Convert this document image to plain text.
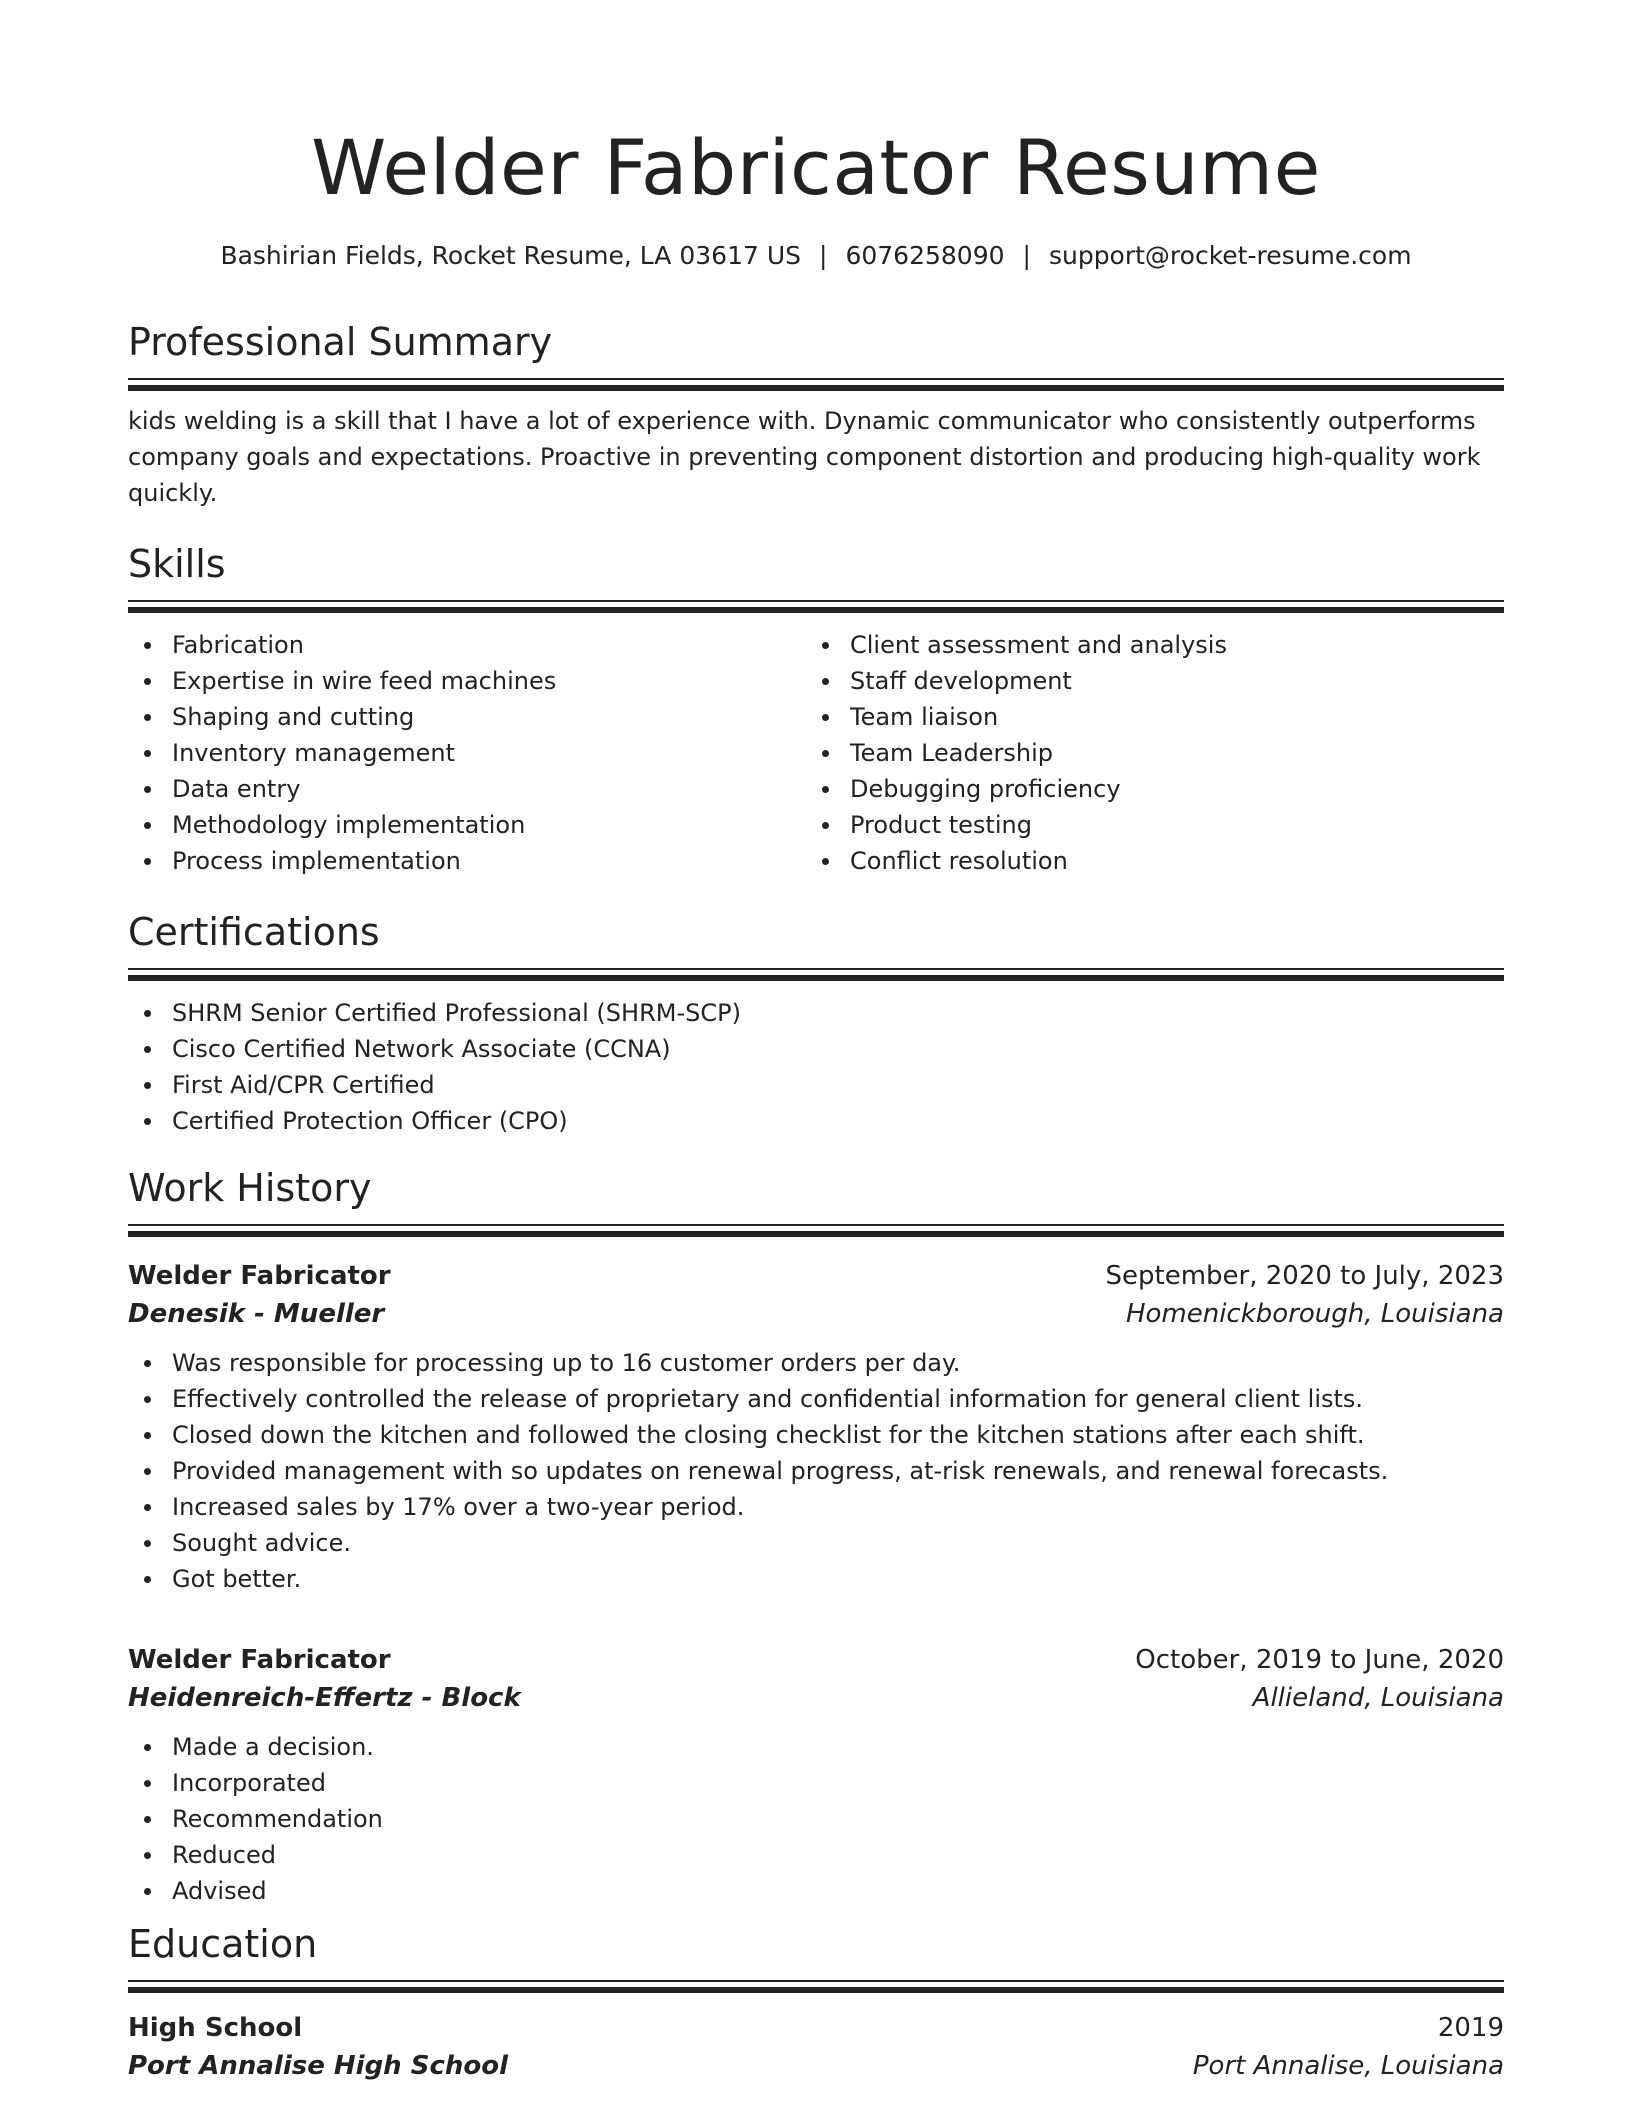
Welder Fabricator Resume
Bashirian Fields, Rocket Resume, LA 03617 US | 6076258090 | support@rocket-resume.com
Professional Summary

kids welding is a skill that I have a lot of experience with. Dynamic communicator who consistently outperforms company goals and expectations. Proactive in preventing component distortion and producing high-quality work quickly.

Skills
Fabrication
Expertise in wire feed machines
Shaping and cutting
Inventory management
Data entry
Methodology implementation
Process implementation
Client assessment and analysis
Staff development
Team liaison
Team Leadership
Debugging proficiency
Product testing
Conflict resolution
Certifications
SHRM Senior Certified Professional (SHRM-SCP)
Cisco Certified Network Associate (CCNA)
First Aid/CPR Certified
Certified Protection Officer (CPO)
Work History
Welder Fabricator	September, 2020 to July, 2023
Denesik - Mueller	Homenickborough, Louisiana
Was responsible for processing up to 16 customer orders per day.
Effectively controlled the release of proprietary and confidential information for general client lists.
Closed down the kitchen and followed the closing checklist for the kitchen stations after each shift.
Provided management with so updates on renewal progress, at-risk renewals, and renewal forecasts.
Increased sales by 17% over a two-year period.
Sought advice.
Got better.
Welder Fabricator	October, 2019 to June, 2020
Heidenreich-Effertz - Block	Allieland, Louisiana
Made a decision.
Incorporated
Recommendation
Reduced
Advised
Education
High School	2019
Port Annalise High School	Port Annalise, Louisiana
